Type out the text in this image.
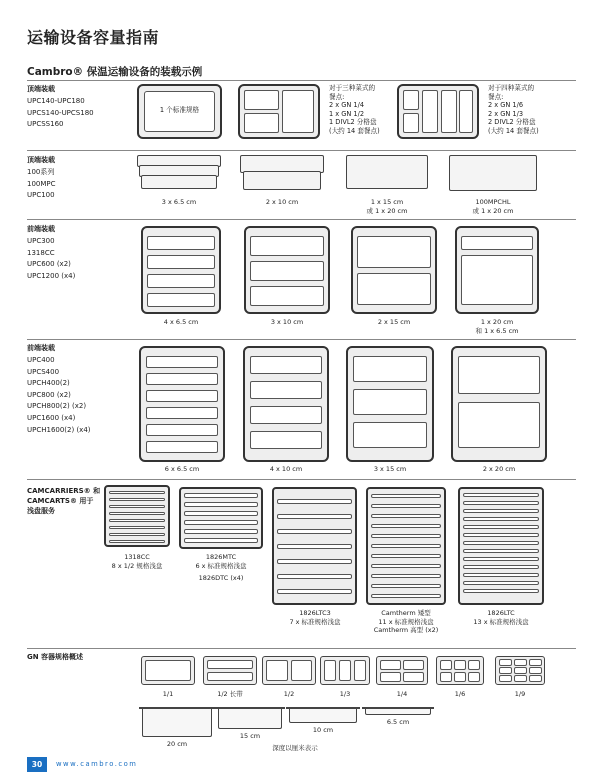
运输设备容量指南
Cambro® 保温运输设备的装载示例
顶端装载
UPC140-UPC180
UPCS140-UPCS180
UPCSS160
1 个标准规格
对于三种菜式的
餐点:
2 x GN 1/4
1 x GN 1/2
1 DIVL2 分格盘
(大约 14 套餐点)
对于四种菜式的
餐点:
2 x GN 1/6
2 x GN 1/3
2 DIVL2 分格盘
(大约 14 套餐点)
顶端装载
100系列
100MPC
UPC100
3 x 6.5 cm	2 x 10 cm	1 x 15 cm
或 1 x 20 cm
100MPCHL
或 1 x 20 cm
前端装载
UPC300
1318CC
UPC600 (x2)
UPC1200 (x4)
4 x 6.5 cm	3 x 10 cm	2 x 15 cm	1 x 20 cm
和 1 x 6.5 cm
前端装载
UPC400
UPCS400
UPCH400(2)
UPC800 (x2)
UPCH800(2) (x2)
UPC1600 (x4)
UPCH1600(2) (x4)
6 x 6.5 cm	4 x 10 cm	3 x 15 cm	2 x 20 cm
CAMCARRIERS® 和
CAMCARTS® 用于
浅盘服务
1318CC
8 x 1/2 规格浅盘
1826MTC
6 x 标准规格浅盘
1826DTC (x4)
1826LTC3
7 x 标准规格浅盘
Camtherm 矮型
11 x 标准规格浅盘
Camtherm 高型 (x2)
1826LTC
13 x 标准规格浅盘
GN 容器规格概述
1/1	1/2 长带	1/2	1/3	1/4	1/6	1/9
20 cm
15 cm
10 cm
6.5 cm
深度以厘米表示
30	www.cambro.com
